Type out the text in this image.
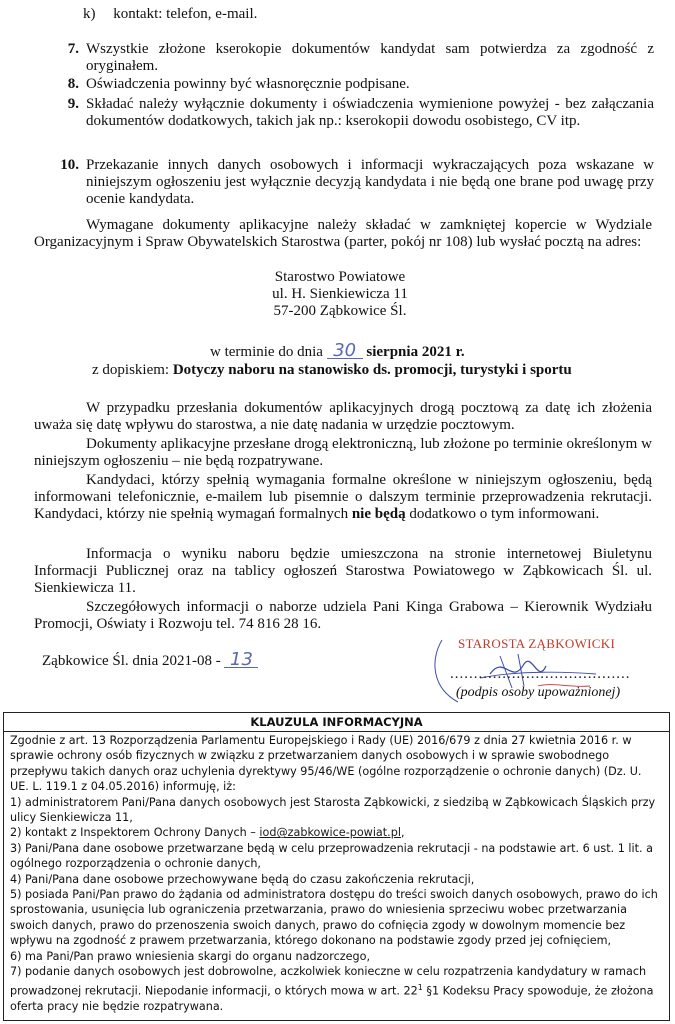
k) kontakt: telefon, e-mail.
7. Wszystkie złożone kserokopie dokumentów kandydat sam potwierdza za zgodność z oryginałem.
8. Oświadczenia powinny być własnoręcznie podpisane.
9. Składać należy wyłącznie dokumenty i oświadczenia wymienione powyżej - bez załączania dokumentów dodatkowych, takich jak np.: kserokopii dowodu osobistego, CV itp.
10. Przekazanie innych danych osobowych i informacji wykraczających poza wskazane w niniejszym ogłoszeniu jest wyłącznie decyzją kandydata i nie będą one brane pod uwagę przy ocenie kandydata.
Wymagane dokumenty aplikacyjne należy składać w zamkniętej kopercie w Wydziale Organizacyjnym i Spraw Obywatelskich Starostwa (parter, pokój nr 108) lub wysłać pocztą na adres:
Starostwo Powiatowe
ul. H. Sienkiewicza 11
57-200 Ząbkowice Śl.
w terminie do dnia 30 sierpnia 2021 r.
z dopiskiem: Dotyczy naboru na stanowisko ds. promocji, turystyki i sportu
W przypadku przesłania dokumentów aplikacyjnych drogą pocztową za datę ich złożenia uważa się datę wpływu do starostwa, a nie datę nadania w urzędzie pocztowym.
Dokumenty aplikacyjne przesłane drogą elektroniczną, lub złożone po terminie określonym w niniejszym ogłoszeniu – nie będą rozpatrywane.
Kandydaci, którzy spełnią wymagania formalne określone w niniejszym ogłoszeniu, będą informowani telefonicznie, e-mailem lub pisemnie o dalszym terminie przeprowadzenia rekrutacji. Kandydaci, którzy nie spełnią wymagań formalnych nie będą dodatkowo o tym informowani.
Informacja o wyniku naboru będzie umieszczona na stronie internetowej Biuletynu Informacji Publicznej oraz na tablicy ogłoszeń Starostwa Powiatowego w Ząbkowicach Śl. ul. Sienkiewicza 11.
Szczegółowych informacji o naborze udziela Pani Kinga Grabowa – Kierownik Wydziału Promocji, Oświaty i Rozwoju tel. 74 816 28 16.
Ząbkowice Śl. dnia 2021-08 - 13
STAROSTA ZĄBKOWICKI
......................................
(podpis osoby upoważnionej)
KLAUZULA INFORMACYJNA

Zgodnie z art. 13 Rozporządzenia Parlamentu Europejskiego i Rady (UE) 2016/679 z dnia 27 kwietnia 2016 r. w sprawie ochrony osób fizycznych w związku z przetwarzaniem danych osobowych i w sprawie swobodnego przepływu takich danych oraz uchylenia dyrektywy 95/46/WE (ogólne rozporządzenie o ochronie danych) (Dz. U. UE. L. 119.1 z 04.05.2016) informuję, iż:

1) administratorem Pani/Pana danych osobowych jest Starosta Ząbkowicki, z siedzibą w Ząbkowicach Śląskich przy ulicy Sienkiewicza 11,

2) kontakt z Inspektorem Ochrony Danych – iod@zabkowice-powiat.pl,

3) Pani/Pana dane osobowe przetwarzane będą w celu przeprowadzenia rekrutacji - na podstawie art. 6 ust. 1 lit. a ogólnego rozporządzenia o ochronie danych,

4) Pani/Pana dane osobowe przechowywane będą do czasu zakończenia rekrutacji,

5) posiada Pani/Pan prawo do żądania od administratora dostępu do treści swoich danych osobowych, prawo do ich sprostowania, usunięcia lub ograniczenia przetwarzania, prawo do wniesienia sprzeciwu wobec przetwarzania swoich danych, prawo do przenoszenia swoich danych, prawo do cofnięcia zgody w dowolnym momencie bez wpływu na zgodność z prawem przetwarzania, którego dokonano na podstawie zgody przed jej cofnięciem,

6) ma Pani/Pan prawo wniesienia skargi do organu nadzorczego,

7) podanie danych osobowych jest dobrowolne, aczkolwiek konieczne w celu rozpatrzenia kandydatury w ramach prowadzonej rekrutacji. Niepodanie informacji, o których mowa w art. $22^1$ §1 Kodeksu Pracy spowoduje, że złożona oferta pracy nie będzie rozpatrywana.
